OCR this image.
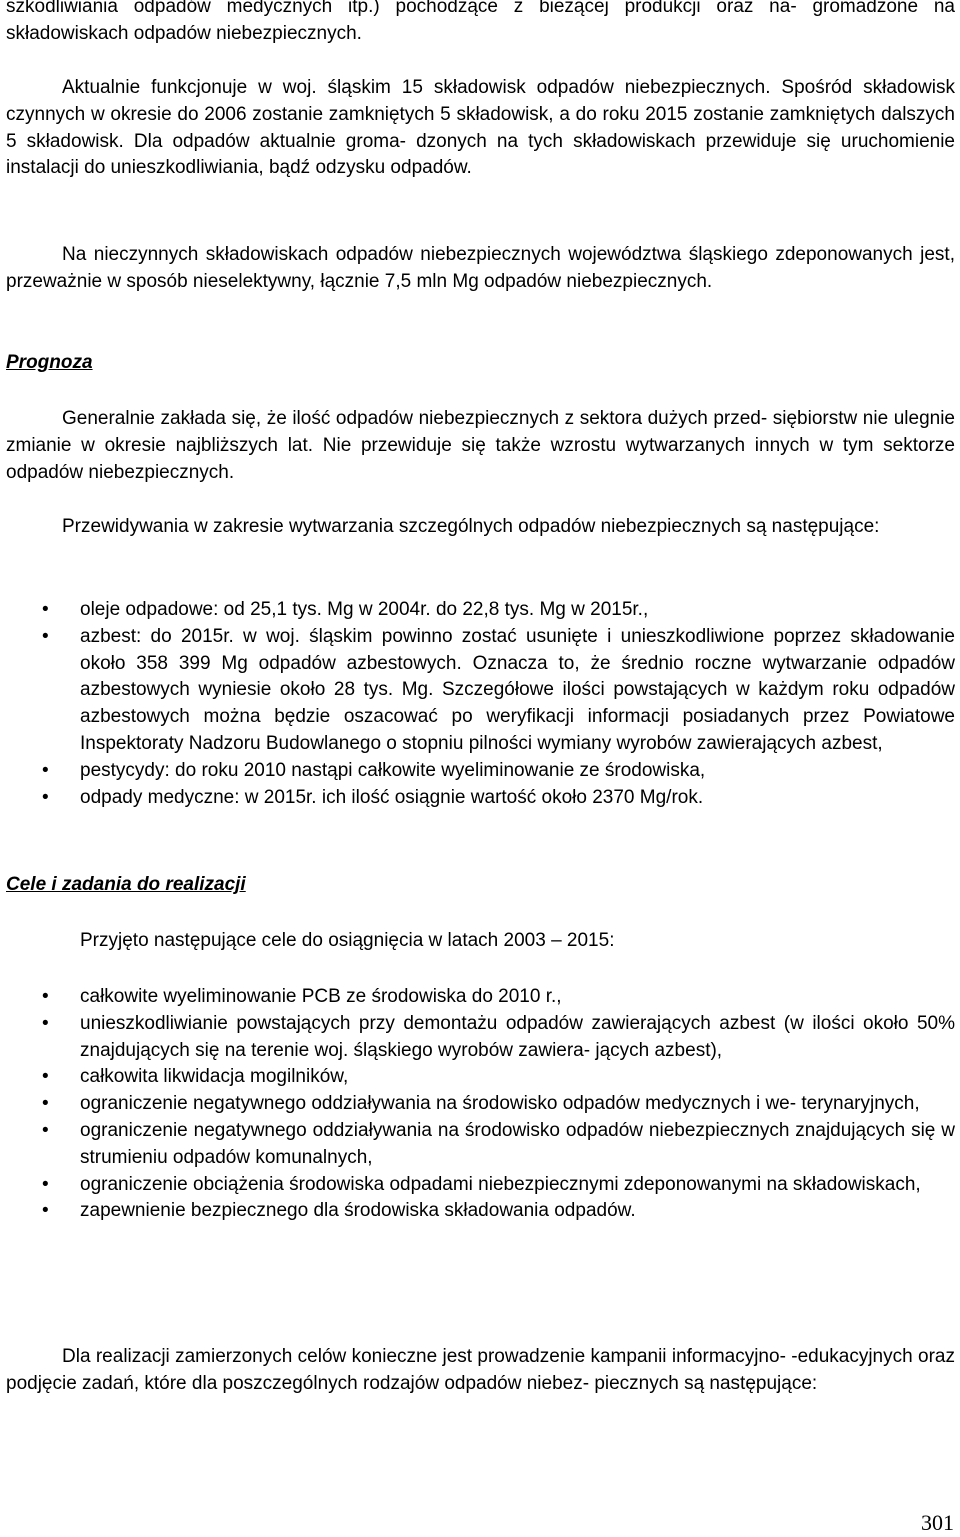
szkodliwiania odpadów medycznych itp.) pochodzące z bieżącej produkcji oraz na- gromadzone na składowiskach odpadów niebezpiecznych.

Aktualnie funkcjonuje w woj. śląskim 15 składowisk odpadów niebezpiecznych. Spośród składowisk czynnych w okresie do 2006 zostanie zamkniętych 5 składowisk, a do roku 2015 zostanie zamkniętych dalszych 5 składowisk. Dla odpadów aktualnie groma- dzonych na tych składowiskach przewiduje się uruchomienie instalacji do unieszkodliwiania, bądź odzysku odpadów.

Na nieczynnych składowiskach odpadów niebezpiecznych województwa śląskiego zdeponowanych jest, przeważnie w sposób nieselektywny, łącznie 7,5 mln Mg odpadów niebezpiecznych.

Prognoza

Generalnie zakłada się, że ilość odpadów niebezpiecznych z sektora dużych przed- siębiorstw nie ulegnie zmianie w okresie najbliższych lat. Nie przewiduje się także wzrostu wytwarzanych innych w tym sektorze odpadów niebezpiecznych.

Przewidywania w zakresie wytwarzania szczególnych odpadów niebezpiecznych są następujące:

• oleje odpadowe: od 25,1 tys. Mg w 2004r. do 22,8 tys. Mg w 2015r.,
• azbest: do 2015r. w woj. śląskim powinno zostać usunięte i unieszkodliwione poprzez składowanie około 358 399 Mg odpadów azbestowych. Oznacza to, że średnio roczne wytwarzanie odpadów azbestowych wyniesie około 28 tys. Mg. Szczegółowe ilości powstających w każdym roku odpadów azbestowych można będzie oszacować po weryfikacji informacji posiadanych przez Powiatowe Inspektoraty Nadzoru Budowlanego o stopniu pilności wymiany wyrobów zawierających azbest,
• pestycydy: do roku 2010 nastąpi całkowite wyeliminowanie ze środowiska,
• odpady medyczne: w 2015r. ich ilość osiągnie wartość około 2370 Mg/rok.
Cele i zadania do realizacji

Przyjęto następujące cele do osiągnięcia w latach 2003 – 2015:

• całkowite wyeliminowanie PCB ze środowiska do 2010 r.,
• unieszkodliwianie powstających przy demontażu odpadów zawierających azbest (w ilości około 50% znajdujących się na terenie woj. śląskiego wyrobów zawiera- jących azbest),
• całkowita likwidacja mogilników,
• ograniczenie negatywnego oddziaływania na środowisko odpadów medycznych i we- terynaryjnych,
• ograniczenie negatywnego oddziaływania na środowisko odpadów niebezpiecznych znajdujących się w strumieniu odpadów komunalnych,
• ograniczenie obciążenia środowiska odpadami niebezpiecznymi zdeponowanymi na składowiskach,
• zapewnienie bezpiecznego dla środowiska składowania odpadów.

Dla realizacji zamierzonych celów konieczne jest prowadzenie kampanii informacyjno- -edukacyjnych oraz podjęcie zadań, które dla poszczególnych rodzajów odpadów niebez- piecznych są następujące:

301
